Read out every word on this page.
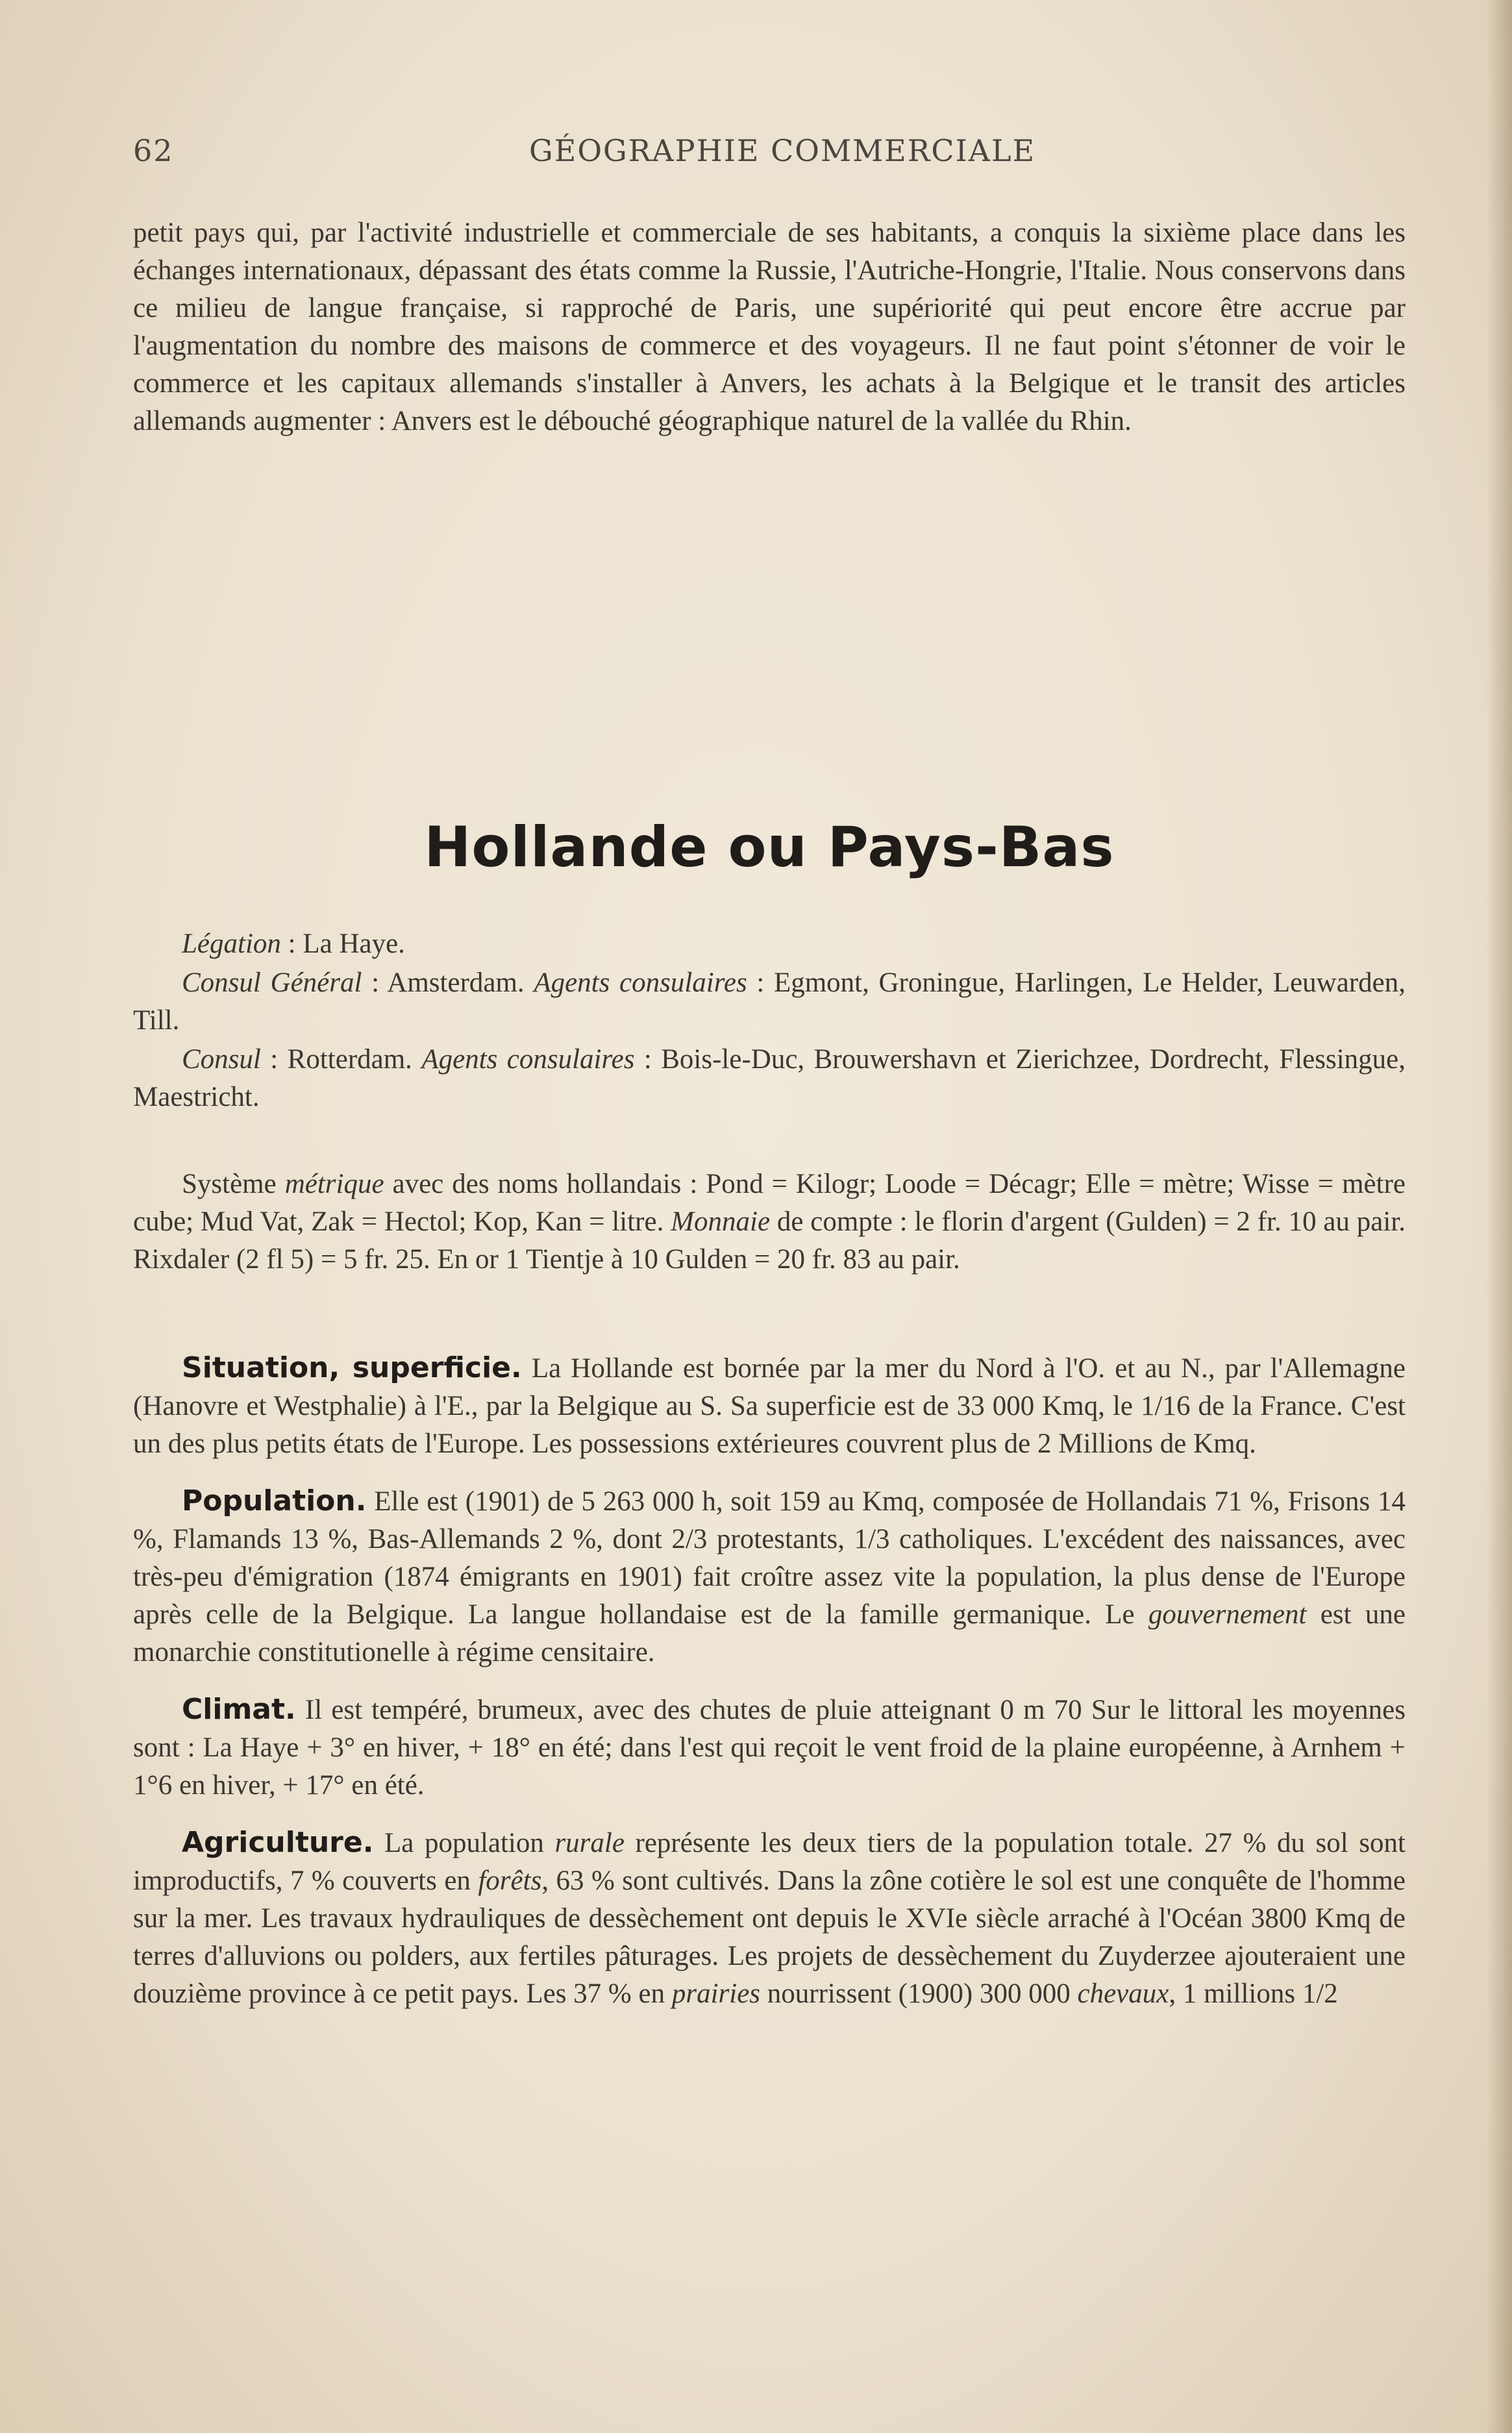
62	GÉOGRAPHIE COMMERCIALE

petit pays qui, par l'activité industrielle et commerciale de ses habitants, a conquis la sixième place dans les échanges internationaux, dépassant des états comme la Russie, l'Autriche-Hongrie, l'Italie. Nous conservons dans ce milieu de langue française, si rapproché de Paris, une supériorité qui peut encore être accrue par l'augmentation du nombre des maisons de commerce et des voyageurs. Il ne faut point s'étonner de voir le commerce et les capitaux allemands s'installer à Anvers, les achats à la Belgique et le transit des articles allemands augmenter : Anvers est le débouché géographique naturel de la vallée du Rhin.

Hollande ou Pays-Bas

Légation : La Haye.

Consul Général : Amsterdam. Agents consulaires : Egmont, Groningue, Harlingen, Le Helder, Leuwarden, Till.

Consul : Rotterdam. Agents consulaires : Bois-le-Duc, Brouwershavn et Zierichzee, Dordrecht, Flessingue, Maestricht.

Système métrique avec des noms hollandais : Pond = Kilogr; Loode = Décagr; Elle = mètre; Wisse = mètre cube; Mud Vat, Zak = Hectol; Kop, Kan = litre. Monnaie de compte : le florin d'argent (Gulden) = 2 fr. 10 au pair. Rixdaler (2 fl 5) = 5 fr. 25. En or 1 Tientje à 10 Gulden = 20 fr. 83 au pair.

Situation, superficie. La Hollande est bornée par la mer du Nord à l'O. et au N., par l'Allemagne (Hanovre et Westphalie) à l'E., par la Belgique au S. Sa superficie est de 33 000 Kmq, le 1/16 de la France. C'est un des plus petits états de l'Europe. Les possessions extérieures couvrent plus de 2 Millions de Kmq.

Population. Elle est (1901) de 5 263 000 h, soit 159 au Kmq, composée de Hollandais 71 %, Frisons 14 %, Flamands 13 %, Bas-Allemands 2 %, dont 2/3 protestants, 1/3 catholiques. L'excédent des naissances, avec très-peu d'émigration (1874 émigrants en 1901) fait croître assez vite la population, la plus dense de l'Europe après celle de la Belgique. La langue hollandaise est de la famille germanique. Le gouvernement est une monarchie constitutionelle à régime censitaire.

Climat. Il est tempéré, brumeux, avec des chutes de pluie atteignant 0 m 70 Sur le littoral les moyennes sont : La Haye + 3° en hiver, + 18° en été; dans l'est qui reçoit le vent froid de la plaine européenne, à Arnhem + 1°6 en hiver, + 17° en été.

Agriculture. La population rurale représente les deux tiers de la population totale. 27 % du sol sont improductifs, 7 % couverts en forêts, 63 % sont cultivés. Dans la zône cotière le sol est une conquête de l'homme sur la mer. Les travaux hydrauliques de dessèchement ont depuis le XVIe siècle arraché à l'Océan 3800 Kmq de terres d'alluvions ou polders, aux fertiles pâturages. Les projets de dessèchement du Zuyderzee ajouteraient une douzième province à ce petit pays. Les 37 % en prairies nourrissent (1900) 300 000 chevaux, 1 millions 1/2
